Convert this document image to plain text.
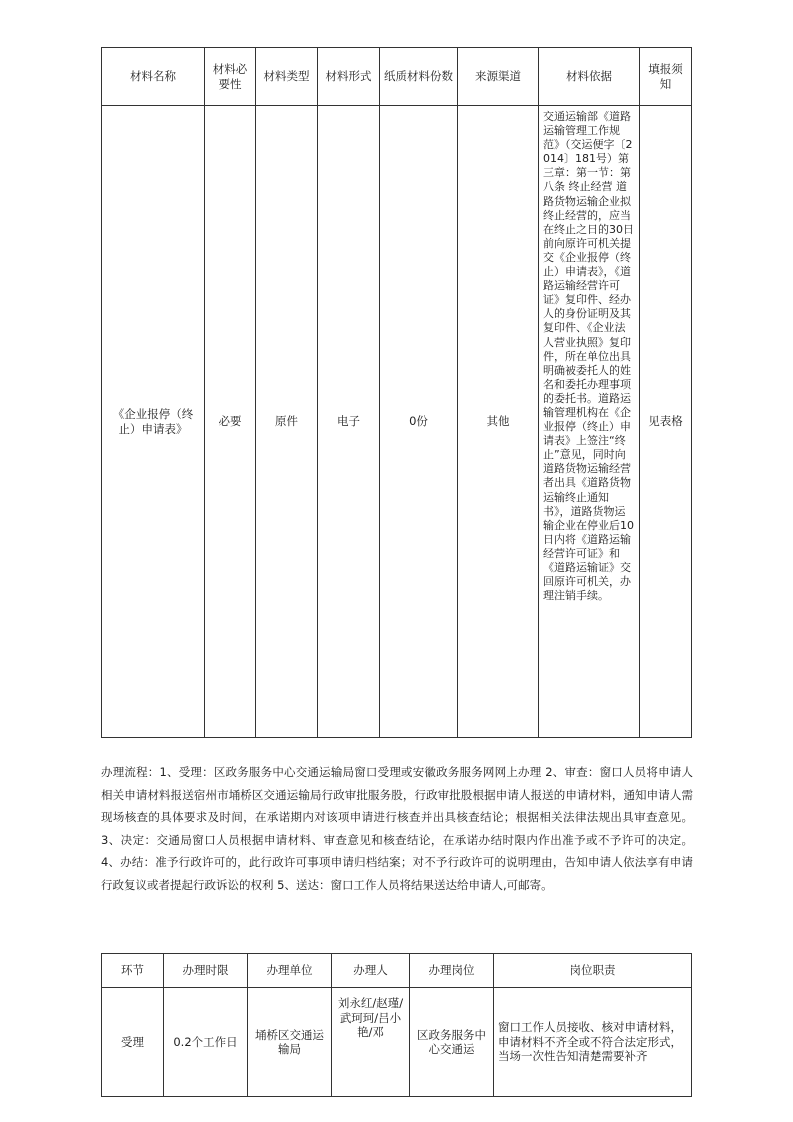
材料名称	材料必要性	材料类型	材料形式	纸质材料份数	来源渠道	材料依据	填报须知
《企业报停（终止）申请表》	必要	原件	电子	0份	其他	交通运输部《道路运输管理工作规范》（交运便字〔2014〕181号）第三章：第一节：第八条 终止经营 道路货物运输企业拟终止经营的，应当在终止之日的30日前向原许可机关提交《企业报停（终止）申请表》，《道路运输经营许可证》复印件、经办人的身份证明及其复印件、《企业法人营业执照》复印件，所在单位出具明确被委托人的姓名和委托办理事项的委托书。道路运输管理机构在《企业报停（终止）申请表》上签注“终止”意见，同时向道路货物运输经营者出具《道路货物运输终止通知书》，道路货物运输企业在停业后10日内将《道路运输经营许可证》和《道路运输证》交回原许可机关，办理注销手续。	见表格

办理流程：1、受理：区政务服务中心交通运输局窗口受理或安徽政务服务网网上办理 2、审查：窗口人员将申请人相关申请材料报送宿州市埇桥区交通运输局行政审批服务股，行政审批股根据申请人报送的申请材料，通知申请人需现场核查的具体要求及时间，在承诺期内对该项申请进行核查并出具核查结论；根据相关法律法规出具审查意见。 3、决定：交通局窗口人员根据申请材料、审查意见和核查结论，在承诺办结时限内作出准予或不予许可的决定。 4、办结：准予行政许可的，此行政许可事项申请归档结案；对不予行政许可的说明理由，告知申请人依法享有申请行政复议或者提起行政诉讼的权利 5、送达：窗口工作人员将结果送达给申请人,可邮寄。

环节	办理时限	办理单位	办理人	办理岗位	岗位职责
受理	0.2个工作日	埇桥区交通运输局	刘永红/赵瑾/武珂珂/吕小艳/邓	区政务服务中心交通运	窗口工作人员接收、核对申请材料，申请材料不齐全或不符合法定形式，当场一次性告知清楚需要补齐
